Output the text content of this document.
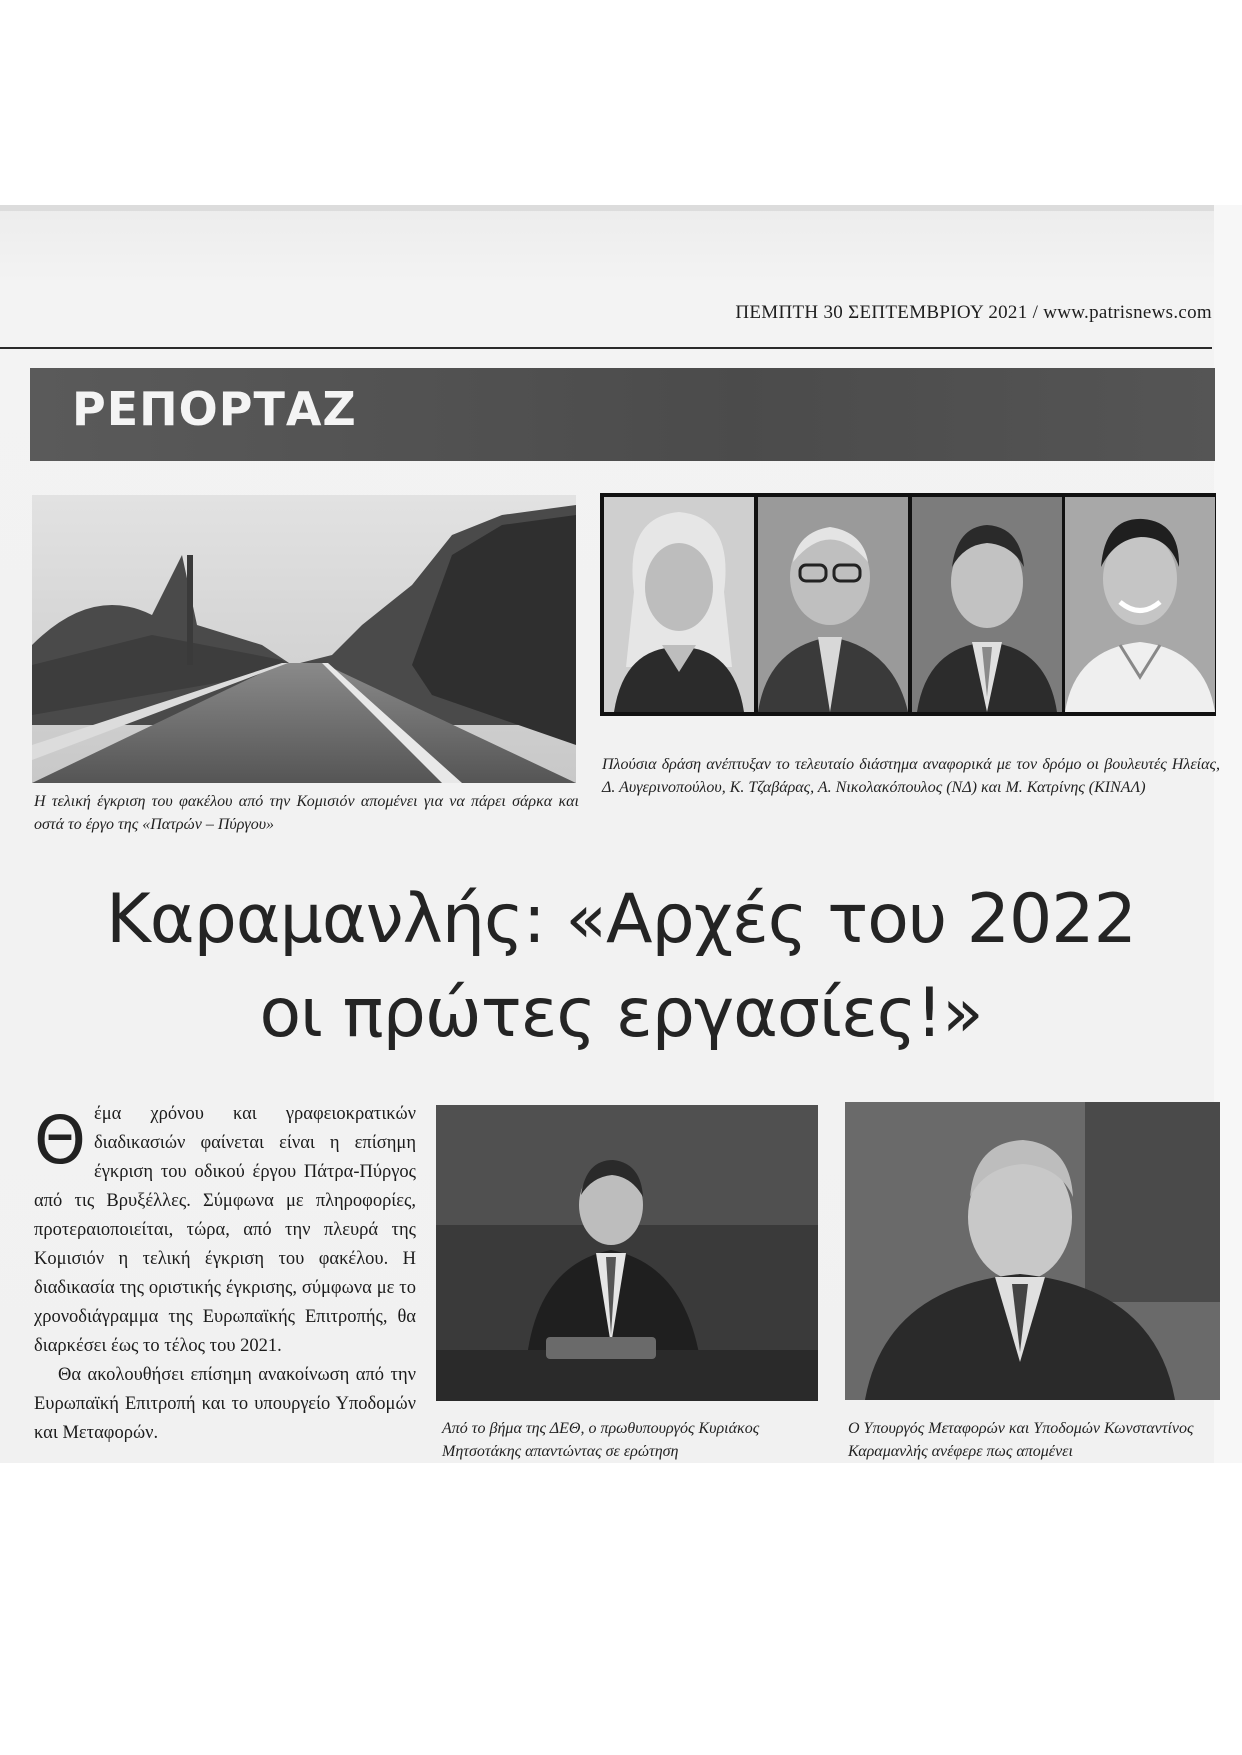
ΠΕΜΠΤΗ 30 ΣΕΠΤΕΜΒΡΙΟΥ 2021 / www.patrisnews.com
ΡΕΠΟΡΤΑΖ
Η τελική έγκριση του φακέλου από την Κομισιόν απομένει για να πάρει σάρκα και οστά το έργο της «Πατρών – Πύργου»
Πλούσια δράση ανέπτυξαν το τελευταίο διάστημα αναφορικά με τον δρόμο οι βουλευτές Ηλείας, Δ. Αυγερινοπούλου, Κ. Τζαβάρας, Α. Νικολακόπουλος (ΝΔ) και Μ. Κατρίνης (ΚΙΝΑΛ)
Καραμανλής: «Αρχές του 2022
οι πρώτες εργασίες!»
Θ έμα χρόνου και γραφειοκρατικών διαδικασιών φαίνεται είναι η επίσημη έγκριση του οδικού έργου Πάτρα-Πύργος από τις Βρυξέλλες. Σύμφωνα με πληροφορίες, προτεραιοποιείται, τώρα, από την πλευρά της Κομισιόν η τελική έγκριση του φακέλου. Η διαδικασία της οριστικής έγκρισης, σύμφωνα με το χρονοδιάγραμμα της Ευρωπαϊκής Επιτροπής, θα διαρκέσει έως το τέλος του 2021.

Θα ακολουθήσει επίσημη ανακοίνωση από την Ευρωπαϊκή Επιτροπή και το υπουργείο Υποδομών και Μεταφορών.	Από το βήμα της ΔΕΘ, ο πρωθυπουργός Κυριάκος Μητσοτάκης απαντώντας σε ερώτηση
Ο Υπουργός Μεταφορών και Υποδομών Κωνσταντίνος Καραμανλής ανέφερε πως απομένει
